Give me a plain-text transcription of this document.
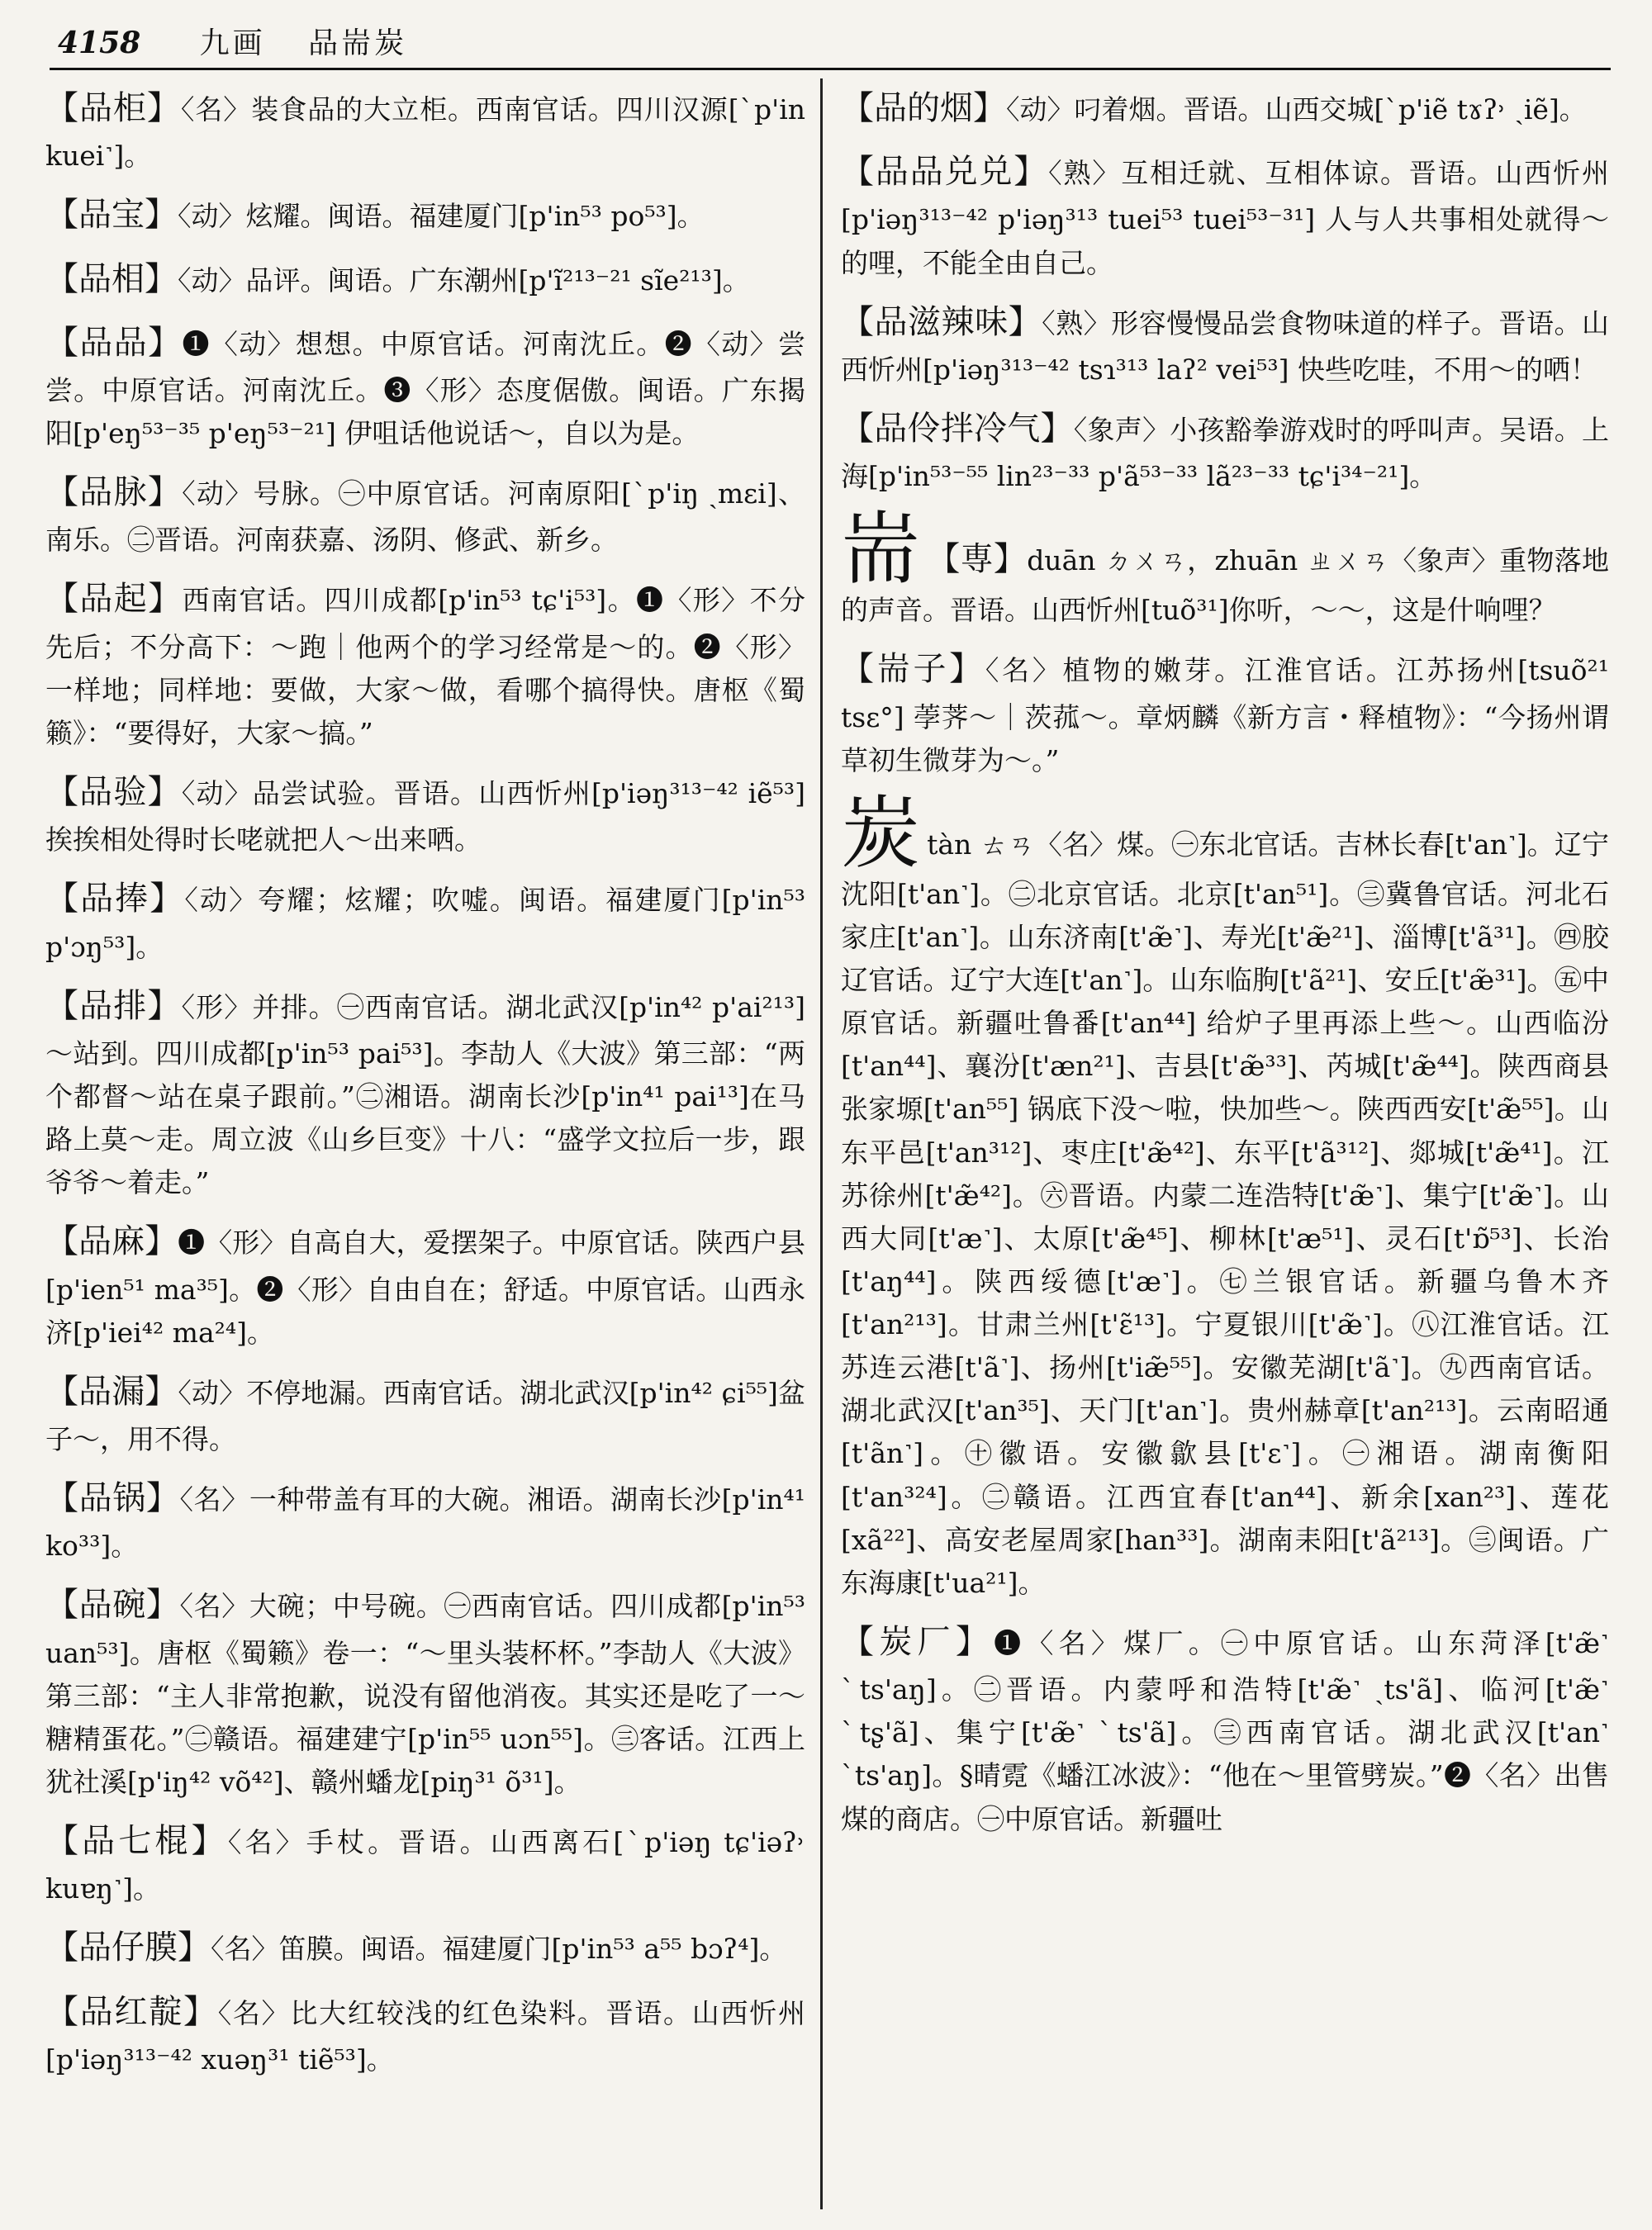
4158 九画 品耑炭

【品柜】〈名〉装食品的大立柜。西南官话。四川汉源[ˋp'in kuei˺]。

【品宝】〈动〉炫耀。闽语。福建厦门[p'in⁵³ po⁵³]。

【品相】〈动〉品评。闽语。广东潮州[p'ĩ²¹³⁻²¹ sĩe²¹³]。

【品品】❶〈动〉想想。中原官话。河南沈丘。❷〈动〉尝尝。中原官话。河南沈丘。❸〈形〉态度倨傲。闽语。广东揭阳[p'eŋ⁵³⁻³⁵ p'eŋ⁵³⁻²¹] 伊咀话他说话～，自以为是。

【品脉】〈动〉号脉。㊀中原官话。河南原阳[ˋp'iŋ ˏmɛi]、南乐。㊁晋语。河南获嘉、汤阴、修武、新乡。

【品起】西南官话。四川成都[p'in⁵³ tɕ'i⁵³]。❶〈形〉不分先后；不分高下：～跑｜他两个的学习经常是～的。❷〈形〉一样地；同样地：要做，大家～做，看哪个搞得快。唐枢《蜀籁》：“要得好，大家～搞。”

【品验】〈动〉品尝试验。晋语。山西忻州[p'iəŋ³¹³⁻⁴² iẽ⁵³]挨挨相处得时长咾就把人～出来哂。

【品捧】〈动〉夸耀；炫耀；吹嘘。闽语。福建厦门[p'in⁵³ p'ɔŋ⁵³]。

【品排】〈形〉并排。㊀西南官话。湖北武汉[p'in⁴² p'ai²¹³]～站到。四川成都[p'in⁵³ pai⁵³]。李劼人《大波》第三部：“两个都督～站在桌子跟前。”㊁湘语。湖南长沙[p'in⁴¹ pai¹³]在马路上莫～走。周立波《山乡巨变》十八：“盛学文拉后一步，跟爷爷～着走。”

【品麻】❶〈形〉自高自大，爱摆架子。中原官话。陕西户县[p'ien⁵¹ ma³⁵]。❷〈形〉自由自在；舒适。中原官话。山西永济[p'iei⁴² ma²⁴]。

【品漏】〈动〉不停地漏。西南官话。湖北武汉[p'in⁴² ɕi⁵⁵]盆子～，用不得。

【品锅】〈名〉一种带盖有耳的大碗。湘语。湖南长沙[p'in⁴¹ ko³³]。

【品碗】〈名〉大碗；中号碗。㊀西南官话。四川成都[p'in⁵³ uan⁵³]。唐枢《蜀籁》卷一：“～里头装杯杯。”李劼人《大波》第三部：“主人非常抱歉，说没有留他消夜。其实还是吃了一～糖精蛋花。”㊁赣语。福建建宁[p'in⁵⁵ uɔn⁵⁵]。㊂客话。江西上犹社溪[p'iŋ⁴² võ⁴²]、赣州蟠龙[piŋ³¹ õ³¹]。

【品七棍】〈名〉手杖。晋语。山西离石[ˋp'iəŋ tɕ'iəʔ˒ kuɐŋ˺]。

【品仔膜】〈名〉笛膜。闽语。福建厦门[p'in⁵³ a⁵⁵ bɔʔ⁴]。

【品红靛】〈名〉比大红较浅的红色染料。晋语。山西忻州[p'iəŋ³¹³⁻⁴² xuəŋ³¹ tiẽ⁵³]。

【品的烟】〈动〉叼着烟。晋语。山西交城[ˋp'iẽ tɤʔ˒ ˏiẽ]。

【品品兑兑】〈熟〉互相迁就、互相体谅。晋语。山西忻州[p'iəŋ³¹³⁻⁴² p'iəŋ³¹³ tuei⁵³ tuei⁵³⁻³¹] 人与人共事相处就得～的哩，不能全由自己。

【品滋辣味】〈熟〉形容慢慢品尝食物味道的样子。晋语。山西忻州[p'iəŋ³¹³⁻⁴² tsɿ³¹³ laʔ² vei⁵³] 快些吃哇，不用～的哂！

【品伶拌冷气】〈象声〉小孩豁拳游戏时的呼叫声。吴语。上海[p'in⁵³⁻⁵⁵ lin²³⁻³³ p'ã⁵³⁻³³ lã²³⁻³³ tɕ'i³⁴⁻²¹]。

耑 【専】duān ㄉㄨㄢ，zhuān ㄓㄨㄢ〈象声〉重物落地的声音。晋语。山西忻州[tuõ³¹]你听，～～，这是什响哩？

【耑子】〈名〉植物的嫩芽。江淮官话。江苏扬州[tsuõ²¹ tsɛ°] 荸荠～｜茨菰～。章炳麟《新方言・释植物》：“今扬州谓草初生微芽为～。”

炭tàn ㄊㄢ〈名〉煤。㊀东北官话。吉林长春[t'an˺]。辽宁沈阳[t'an˺]。㊁北京官话。北京[t'an⁵¹]。㊂冀鲁官话。河北石家庄[t'an˺]。山东济南[t'æ̃˺]、寿光[t'æ̃²¹]、淄博[t'ã³¹]。㊃胶辽官话。辽宁大连[t'an˺]。山东临朐[t'ã²¹]、安丘[t'æ̃³¹]。㊄中原官话。新疆吐鲁番[t'an⁴⁴] 给炉子里再添上些～。山西临汾[t'an⁴⁴]、襄汾[t'æn²¹]、吉县[t'æ̃³³]、芮城[t'æ̃⁴⁴]。陕西商县张家塬[t'an⁵⁵] 锅底下没～啦，快加些～。陕西西安[t'æ̃⁵⁵]。山东平邑[t'an³¹²]、枣庄[t'æ̃⁴²]、东平[t'ã³¹²]、郯城[t'æ̃⁴¹]。江苏徐州[t'æ̃⁴²]。㊅晋语。内蒙二连浩特[t'æ̃˺]、集宁[t'æ̃˺]。山西大同[t'æ˺]、太原[t'æ̃⁴⁵]、柳林[t'æ⁵¹]、灵石[t'ɒ̃⁵³]、长治[t'aŋ⁴⁴]。陕西绥德[t'æ˺]。㊆兰银官话。新疆乌鲁木齐[t'an²¹³]。甘肃兰州[t'ɛ̃¹³]。宁夏银川[t'æ̃˺]。㊇江淮官话。江苏连云港[t'ã˺]、扬州[t'iæ̃⁵⁵]。安徽芜湖[t'ã˺]。㊈西南官话。湖北武汉[t'an³⁵]、天门[t'an˺]。贵州赫章[t'an²¹³]。云南昭通[t'ãn˺]。㊉徽语。安徽歙县[t'ɛ˺]。㊀湘语。湖南衡阳[t'an³²⁴]。㊁赣语。江西宜春[t'an⁴⁴]、新余[xan²³]、莲花[xã²²]、高安老屋周家[han³³]。湖南耒阳[t'ã²¹³]。㊂闽语。广东海康[t'ua²¹]。

【炭厂】❶〈名〉煤厂。㊀中原官话。山东菏泽[t'æ̃˺ ˋts'aŋ]。㊁晋语。内蒙呼和浩特[t'æ̃˺ ˏts'ã]、临河[t'æ̃˺ ˋtʂ'ã]、集宁[t'æ̃˺ ˋts'ã]。㊂西南官话。湖北武汉[t'an˺ ˋts'aŋ]。§晴霓《蟠江冰波》：“他在～里管劈炭。”❷〈名〉出售煤的商店。㊀中原官话。新疆吐
